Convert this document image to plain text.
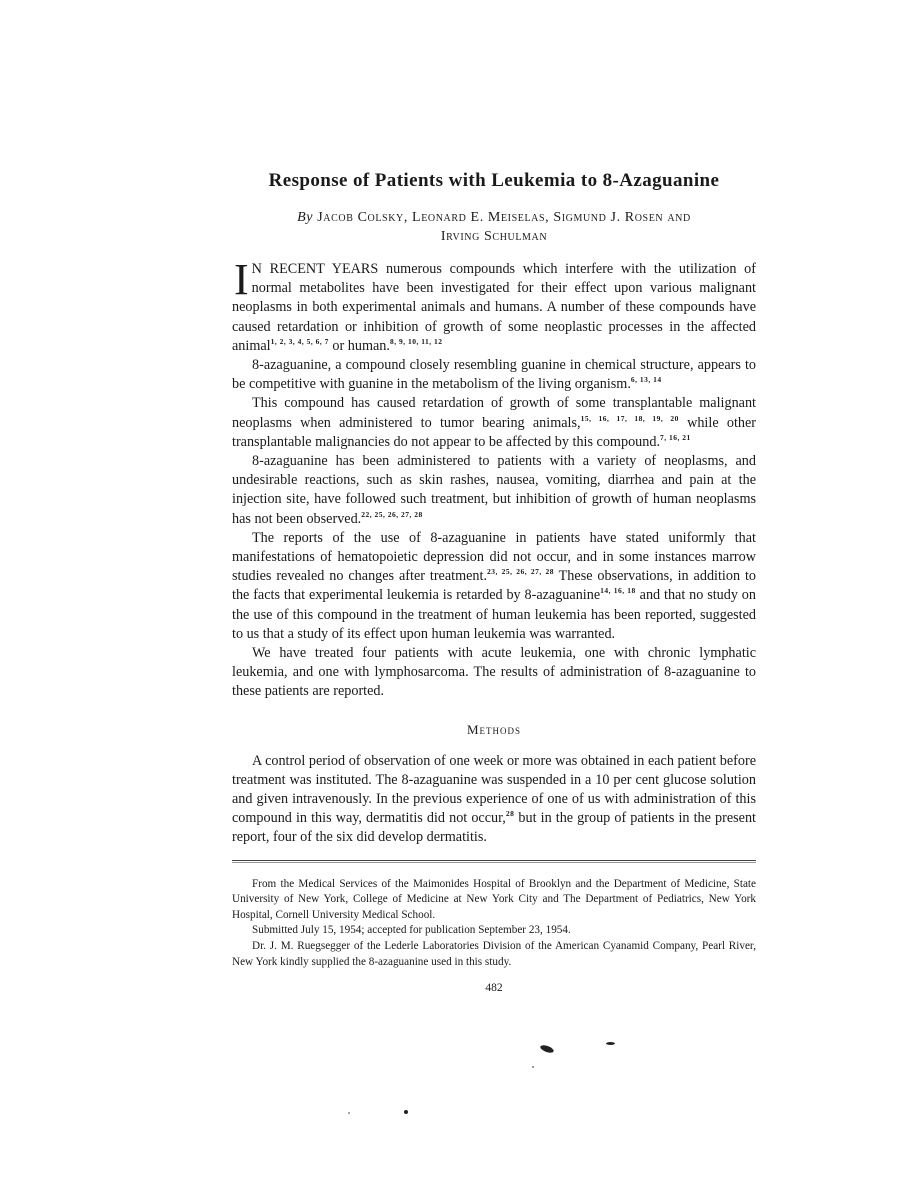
Response of Patients with Leukemia to 8-Azaguanine
By Jacob Colsky, Leonard E. Meiselas, Sigmund J. Rosen and
Irving Schulman

I N RECENT YEARS numerous compounds which interfere with the utilization of normal metabolites have been investigated for their effect upon various malignant neoplasms in both experimental animals and humans. A number of these compounds have caused retardation or inhibition of growth of some neoplastic processes in the affected animal$^{1, 2, 3, 4, 5, 6, 7}$ or human.$^{8, 9, 10, 11, 12}$

8-azaguanine, a compound closely resembling guanine in chemical structure, appears to be competitive with guanine in the metabolism of the living organism.$^{6, 13, 14}$

This compound has caused retardation of growth of some transplantable malignant neoplasms when administered to tumor bearing animals,$^{15, 16, 17, 18, 19, 20}$ while other transplantable malignancies do not appear to be affected by this compound.$^{7, 16, 21}$

8-azaguanine has been administered to patients with a variety of neoplasms, and undesirable reactions, such as skin rashes, nausea, vomiting, diarrhea and pain at the injection site, have followed such treatment, but inhibition of growth of human neoplasms has not been observed.$^{22, 25, 26, 27, 28}$

The reports of the use of 8-azaguanine in patients have stated uniformly that manifestations of hematopoietic depression did not occur, and in some instances marrow studies revealed no changes after treatment.$^{23, 25, 26, 27, 28}$ These observations, in addition to the facts that experimental leukemia is retarded by 8-azaguanine$^{14, 16, 18}$ and that no study on the use of this compound in the treatment of human leukemia has been reported, suggested to us that a study of its effect upon human leukemia was warranted.

We have treated four patients with acute leukemia, one with chronic lymphatic leukemia, and one with lymphosarcoma. The results of administration of 8-azaguanine to these patients are reported.

Methods

A control period of observation of one week or more was obtained in each patient before treatment was instituted. The 8-azaguanine was suspended in a 10 per cent glucose solution and given intravenously. In the previous experience of one of us with administration of this compound in this way, dermatitis did not occur,$^{28}$ but in the group of patients in the present report, four of the six did develop dermatitis.

From the Medical Services of the Maimonides Hospital of Brooklyn and the Department of Medicine, State University of New York, College of Medicine at New York City and The Department of Pediatrics, New York Hospital, Cornell University Medical School.

Submitted July 15, 1954; accepted for publication September 23, 1954.

Dr. J. M. Ruegsegger of the Lederle Laboratories Division of the American Cyanamid Company, Pearl River, New York kindly supplied the 8-azaguanine used in this study.

482
